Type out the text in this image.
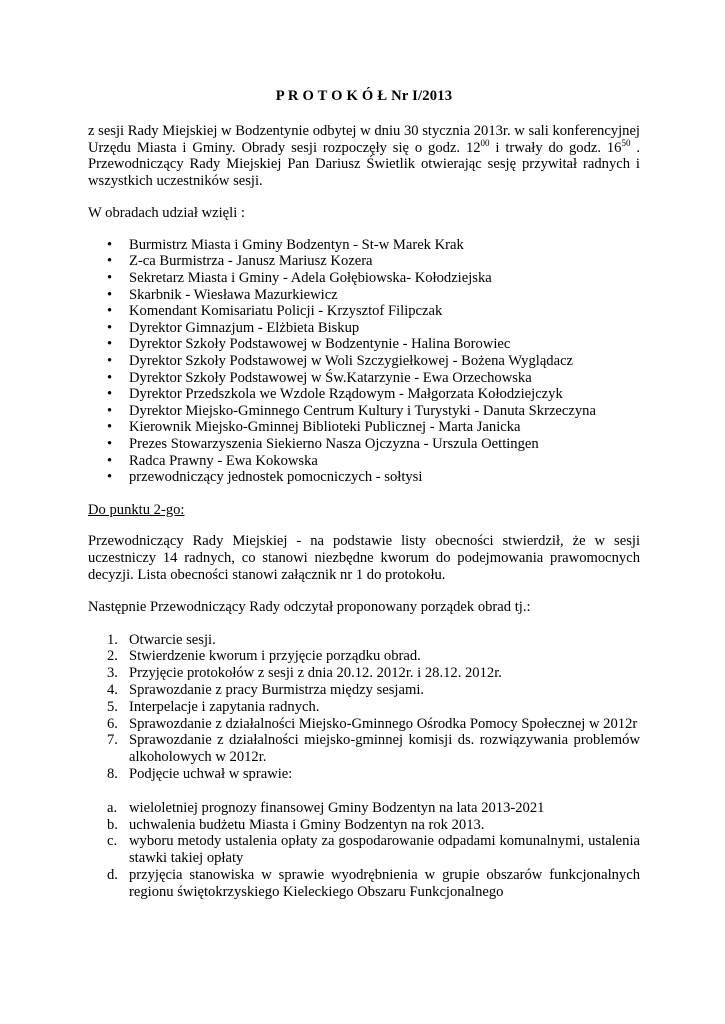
P R O T O K Ó Ł Nr I/2013

z sesji Rady Miejskiej w Bodzentynie odbytej w dniu 30 stycznia 2013r. w sali konferencyjnej Urzędu Miasta i Gminy. Obrady sesji rozpoczęły się o godz. $12^{00}$ i trwały do godz. $16^{50}$ . Przewodniczący Rady Miejskiej Pan Dariusz Świetlik otwierając sesję przywitał radnych i wszystkich uczestników sesji.

W obradach udział wzięli :

• Burmistrz Miasta i Gminy Bodzentyn - St-w Marek Krak
• Z-ca Burmistrza - Janusz Mariusz Kozera
• Sekretarz Miasta i Gminy - Adela Gołębiowska- Kołodziejska
• Skarbnik - Wiesława Mazurkiewicz
• Komendant Komisariatu Policji - Krzysztof Filipczak
• Dyrektor Gimnazjum - Elżbieta Biskup
• Dyrektor Szkoły Podstawowej w Bodzentynie - Halina Borowiec
• Dyrektor Szkoły Podstawowej w Woli Szczygiełkowej - Bożena Wyglądacz
• Dyrektor Szkoły Podstawowej w Św.Katarzynie - Ewa Orzechowska
• Dyrektor Przedszkola we Wzdole Rządowym - Małgorzata Kołodziejczyk
• Dyrektor Miejsko-Gminnego Centrum Kultury i Turystyki - Danuta Skrzeczyna
• Kierownik Miejsko-Gminnej Biblioteki Publicznej - Marta Janicka
• Prezes Stowarzyszenia Siekierno Nasza Ojczyzna - Urszula Oettingen
• Radca Prawny - Ewa Kokowska
• przewodniczący jednostek pomocniczych - sołtysi

Do punktu 2-go:

Przewodniczący Rady Miejskiej - na podstawie listy obecności stwierdził, że w sesji uczestniczy 14 radnych, co stanowi niezbędne kworum do podejmowania prawomocnych decyzji. Lista obecności stanowi załącznik nr 1 do protokołu.

Następnie Przewodniczący Rady odczytał proponowany porządek obrad tj.:

1. Otwarcie sesji.
2. Stwierdzenie kworum i przyjęcie porządku obrad.
3. Przyjęcie protokołów z sesji z dnia 20.12. 2012r. i 28.12. 2012r.
4. Sprawozdanie z pracy Burmistrza między sesjami.
5. Interpelacje i zapytania radnych.
6. Sprawozdanie z działalności Miejsko-Gminnego Ośrodka Pomocy Społecznej w 2012r
7. Sprawozdanie z działalności miejsko-gminnej komisji ds. rozwiązywania problemów alkoholowych w 2012r.
8. Podjęcie uchwał w sprawie:
a. wieloletniej prognozy finansowej Gminy Bodzentyn na lata 2013-2021
b. uchwalenia budżetu Miasta i Gminy Bodzentyn na rok 2013.
c. wyboru metody ustalenia opłaty za gospodarowanie odpadami komunalnymi, ustalenia stawki takiej opłaty
d. przyjęcia stanowiska w sprawie wyodrębnienia w grupie obszarów funkcjonalnych regionu świętokrzyskiego Kieleckiego Obszaru Funkcjonalnego
